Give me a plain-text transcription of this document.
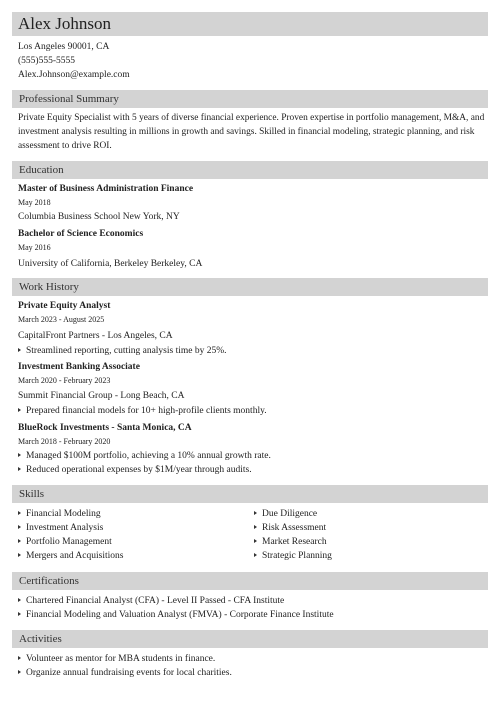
Alex Johnson
Los Angeles 90001, CA
(555)555-5555
Alex.Johnson@example.com
Professional Summary
Private Equity Specialist with 5 years of diverse financial experience. Proven expertise in portfolio management, M&A, and investment analysis resulting in millions in growth and savings. Skilled in financial modeling, strategic planning, and risk assessment to drive ROI.
Education
Master of Business Administration Finance
May 2018
Columbia Business School New York, NY
Bachelor of Science Economics
May 2016
University of California, Berkeley Berkeley, CA
Work History
Private Equity Analyst
March 2023 - August 2025
CapitalFront Partners - Los Angeles, CA
Streamlined reporting, cutting analysis time by 25%.
Investment Banking Associate
March 2020 - February 2023
Summit Financial Group - Long Beach, CA
Prepared financial models for 10+ high-profile clients monthly.
BlueRock Investments - Santa Monica, CA
March 2018 - February 2020
Managed $100M portfolio, achieving a 10% annual growth rate.
Reduced operational expenses by $1M/year through audits.
Skills
Financial Modeling
Investment Analysis
Portfolio Management
Mergers and Acquisitions
Due Diligence
Risk Assessment
Market Research
Strategic Planning
Certifications
Chartered Financial Analyst (CFA) - Level II Passed - CFA Institute
Financial Modeling and Valuation Analyst (FMVA) - Corporate Finance Institute
Activities
Volunteer as mentor for MBA students in finance.
Organize annual fundraising events for local charities.
